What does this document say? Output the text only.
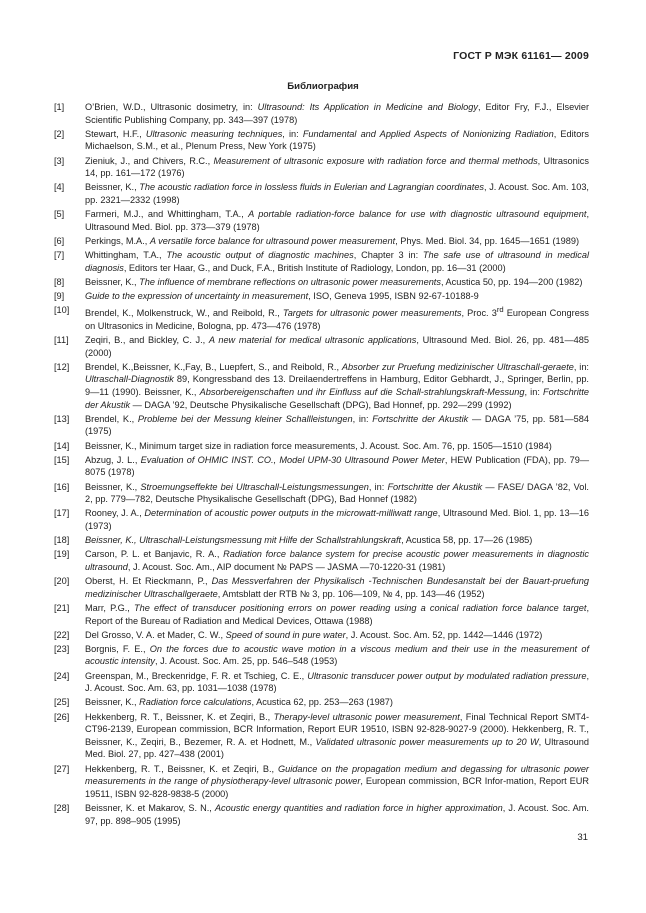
ГОСТ Р МЭК 61161— 2009
Библиография
[1]	O’Brien, W.D., Ultrasonic dosimetry, in: Ultrasound: Its Application in Medicine and Biology, Editor Fry, F.J., Elsevier Scientific Publishing Company, pp. 343—397 (1978)
[2]	Stewart, H.F., Ultrasonic measuring techniques, in: Fundamental and Applied Aspects of Nonionizing Radiation, Editors Michaelson, S.M., et al., Plenum Press, New York (1975)
[3]	Zieniuk, J., and Chivers, R.C., Measurement of ultrasonic exposure with radiation force and thermal methods, Ultrasonics 14, pp. 161—172 (1976)
[4]	Beissner, K., The acoustic radiation force in lossless fluids in Eulerian and Lagrangian coordinates, J. Acoust. Soc. Am. 103, pp. 2321—2332 (1998)
[5]	Farmeri, M.J., and Whittingham, T.A., A portable radiation-force balance for use with diagnostic ultrasound equipment, Ultrasound Med. Biol. pp. 373—379 (1978)
[6]	Perkings, M.A., A versatile force balance for ultrasound power measurement, Phys. Med. Biol. 34, pp. 1645—1651 (1989)
[7]	Whittingham, T.A., The acoustic output of diagnostic machines, Chapter 3 in: The safe use of ultrasound in medical diagnosis, Editors ter Haar, G., and Duck, F.A., British Institute of Radiology, London, pp. 16—31 (2000)
[8]	Beissner, K., The influence of membrane reflections on ultrasonic power measurements, Acustica 50, pp. 194—200 (1982)
[9]	Guide to the expression of uncertainty in measurement, ISO, Geneva 1995, ISBN 92-67-10188-9
[10]	Brendel, K., Molkenstruck, W., and Reibold, R., Targets for ultrasonic power measurements, Proc. 3rd European Congress on Ultrasonics in Medicine, Bologna, pp. 473—476 (1978)
[11]	Zeqiri, B., and Bickley, C. J., A new material for medical ultrasonic applications, Ultrasound Med. Biol. 26, pp. 481—485 (2000)
[12]	Brendel, K.,Beissner, K.,Fay, B., Luepfert, S., and Reibold, R., Absorber zur Pruefung medizinischer Ultraschall-geraete, in: Ultraschall-Diagnostik 89, Kongressband des 13. Dreilaendertreffens in Hamburg, Editor Gebhardt, J., Springer, Berlin, pp. 9—11 (1990). Beissner, K., Absorbereigenschaften und ihr Einfluss auf die Schall-strahlungskraft-Messung, in: Fortschritte der Akustik — DAGA ’92, Deutsche Physikalische Gesellschaft (DPG), Bad Honnef, pp. 292—299 (1992)
[13]	Brendel, K., Probleme bei der Messung kleiner Schallleistungen, in: Fortschritte der Akustik — DAGA ’75, pp. 581—584 (1975)
[14]	Beissner, K., Minimum target size in radiation force measurements, J. Acoust. Soc. Am. 76, pp. 1505—1510 (1984)
[15]	Abzug, J. L., Evaluation of OHMIC INST. CO., Model UPM-30 Ultrasound Power Meter, HEW Publication (FDA), pp. 79—8075 (1978)
[16]	Beissner, K., Stroemungseffekte bei Ultraschall-Leistungsmessungen, in: Fortschritte der Akustik — FASE/ DAGA ’82, Vol. 2, pp. 779—782, Deutsche Physikalische Gesellschaft (DPG), Bad Honnef (1982)
[17]	Rooney, J. A., Determination of acoustic power outputs in the microwatt-milliwatt range, Ultrasound Med. Biol. 1, pp. 13—16 (1973)
[18]	Beissner, K., Ultraschall-Leistungsmessung mit Hilfe der Schallstrahlungskraft, Acustica 58, pp. 17—26 (1985)
[19]	Carson, P. L. et Banjavic, R. A., Radiation force balance system for precise acoustic power measurements in diagnostic ultrasound, J. Acoust. Soc. Am., AIP document № PAPS — JASMA —70-1220-31 (1981)
[20]	Oberst, H. Et Rieckmann, P., Das Messverfahren der Physikalisch -Technischen Bundesanstalt bei der Bauart-pruefung medizinischer Ultraschallgeraete, Amtsblatt der RTB № 3, pp. 106—109, № 4, pp. 143—46 (1952)
[21]	Marr, P.G., The effect of transducer positioning errors on power reading using a conical radiation force balance target, Report of the Bureau of Radiation and Medical Devices, Ottawa (1988)
[22]	Del Grosso, V. A. et Mader, C. W., Speed of sound in pure water, J. Acoust. Soc. Am. 52, pp. 1442—1446 (1972)
[23]	Borgnis, F. E., On the forces due to acoustic wave motion in a viscous medium and their use in the measurement of acoustic intensity, J. Acoust. Soc. Am. 25, pp. 546–548 (1953)
[24]	Greenspan, M., Breckenridge, F. R. et Tschieg, C. E., Ultrasonic transducer power output by modulated radiation pressure, J. Acoust. Soc. Am. 63, pp. 1031—1038 (1978)
[25]	Beissner, K., Radiation force calculations, Acustica 62, pp. 253—263 (1987)
[26]	Hekkenberg, R. T., Beissner, K. et Zeqiri, B., Therapy-level ultrasonic power measurement, Final Technical Report SMT4-CT96-2139, European commission, BCR Information, Report EUR 19510, ISBN 92-828-9027-9 (2000). Hekkenberg, R. T., Beissner, K., Zeqiri, B., Bezemer, R. A. et Hodnett, M., Validated ultrasonic power measurements up to 20 W, Ultrasound Med. Biol. 27, pp. 427–438 (2001)
[27]	Hekkenberg, R. T., Beissner, K. et Zeqiri, B., Guidance on the propagation medium and degassing for ultrasonic power measurements in the range of physiotherapy-level ultrasonic power, European commission, BCR Infor-mation, Report EUR 19511, ISBN 92-828-9838-5 (2000)
[28]	Beissner, K. et Makarov, S. N., Acoustic energy quantities and radiation force in higher approximation, J. Acoust. Soc. Am. 97, pp. 898–905 (1995)
31
